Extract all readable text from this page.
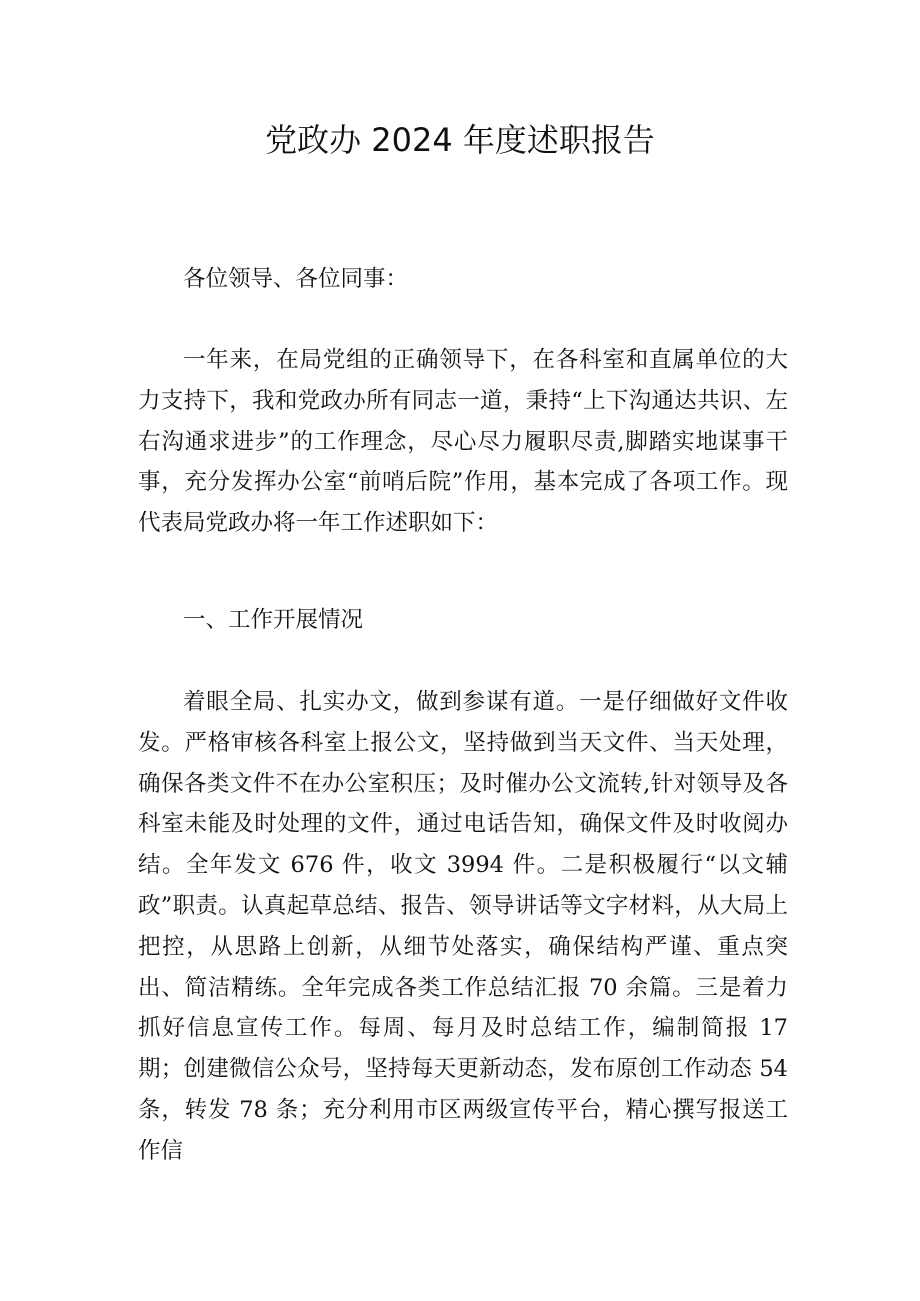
党政办 2024 年度述职报告

各位领导、各位同事：

一年来，在局党组的正确领导下，在各科室和直属单位的大力支持下，我和党政办所有同志一道，秉持“上下沟通达共识、左右沟通求进步”的工作理念，尽心尽力履职尽责,脚踏实地谋事干事，充分发挥办公室“前哨后院”作用，基本完成了各项工作。现代表局党政办将一年工作述职如下：

一、工作开展情况

着眼全局、扎实办文，做到参谋有道。一是仔细做好文件收发。严格审核各科室上报公文，坚持做到当天文件、当天处理，确保各类文件不在办公室积压；及时催办公文流转,针对领导及各科室未能及时处理的文件，通过电话告知，确保文件及时收阅办结。全年发文 676 件，收文 3994 件。二是积极履行“以文辅政”职责。认真起草总结、报告、领导讲话等文字材料，从大局上把控，从思路上创新，从细节处落实，确保结构严谨、重点突出、简洁精练。全年完成各类工作总结汇报 70 余篇。三是着力抓好信息宣传工作。每周、每月及时总结工作，编制简报 17 期；创建微信公众号，坚持每天更新动态，发布原创工作动态 54 条，转发 78 条；充分利用市区两级宣传平台，精心撰写报送工作信
